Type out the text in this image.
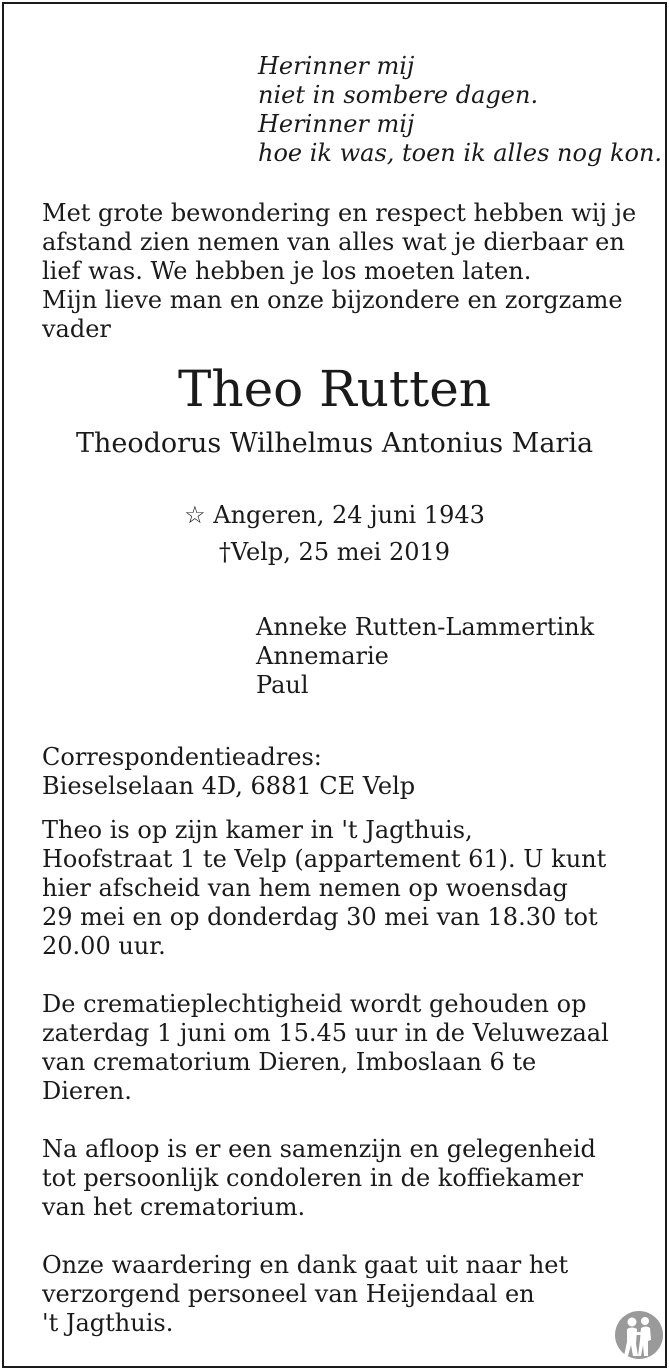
Herinner mij
niet in sombere dagen.
Herinner mij
hoe ik was, toen ik alles nog kon.
Met grote bewondering en respect hebben wij je
afstand zien nemen van alles wat je dierbaar en
lief was. We hebben je los moeten laten.
Mijn lieve man en onze bijzondere en zorgzame
vader
Theo Rutten
Theodorus Wilhelmus Antonius Maria
☆ Angeren, 24 juni 1943
†Velp, 25 mei 2019
Anneke Rutten-Lammertink
Annemarie
Paul
Correspondentieadres:
Bieselselaan 4D, 6881 CE Velp
Theo is op zijn kamer in 't Jagthuis,
Hoofstraat 1 te Velp (appartement 61). U kunt
hier afscheid van hem nemen op woensdag
29 mei en op donderdag 30 mei van 18.30 tot
20.00 uur.
De crematieplechtigheid wordt gehouden op
zaterdag 1 juni om 15.45 uur in de Veluwezaal
van crematorium Dieren, Imboslaan 6 te
Dieren.
Na afloop is er een samenzijn en gelegenheid
tot persoonlijk condoleren in de koffiekamer
van het crematorium.
Onze waardering en dank gaat uit naar het
verzorgend personeel van Heijendaal en
't Jagthuis.
